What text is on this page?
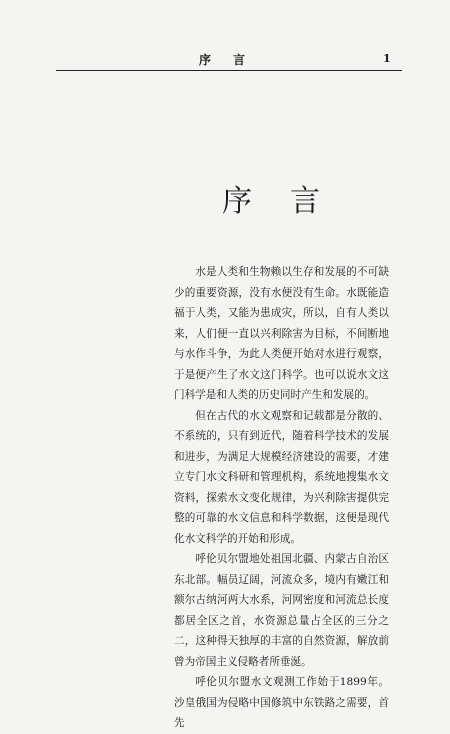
序言	1
序言

水是人类和生物赖以生存和发展的不可缺少的重要资源，没有水便没有生命。水既能造福于人类，又能为患成灾，所以，自有人类以来，人们便一直以兴利除害为目标，不间断地与水作斗争，为此人类便开始对水进行观察，于是便产生了水文这门科学。也可以说水文这门科学是和人类的历史同时产生和发展的。

但在古代的水文观察和记载都是分散的、不系统的，只有到近代，随着科学技术的发展和进步，为满足大规模经济建设的需要，才建立专门水文科研和管理机构，系统地搜集水文资料，探索水文变化规律，为兴利除害提供完整的可靠的水文信息和科学数据，这便是现代化水文科学的开始和形成。

呼伦贝尔盟地处祖国北疆、内蒙古自治区东北部。幅员辽阔，河流众多，境内有嫩江和额尔古纳河两大水系，河网密度和河流总长度都居全区之首，水资源总量占全区的三分之二，这种得天独厚的丰富的自然资源，解放前曾为帝国主义侵略者所垂涎。

呼伦贝尔盟水文观测工作始于1899年。沙皇俄国为侵略中国修筑中东铁路之需要，首先
